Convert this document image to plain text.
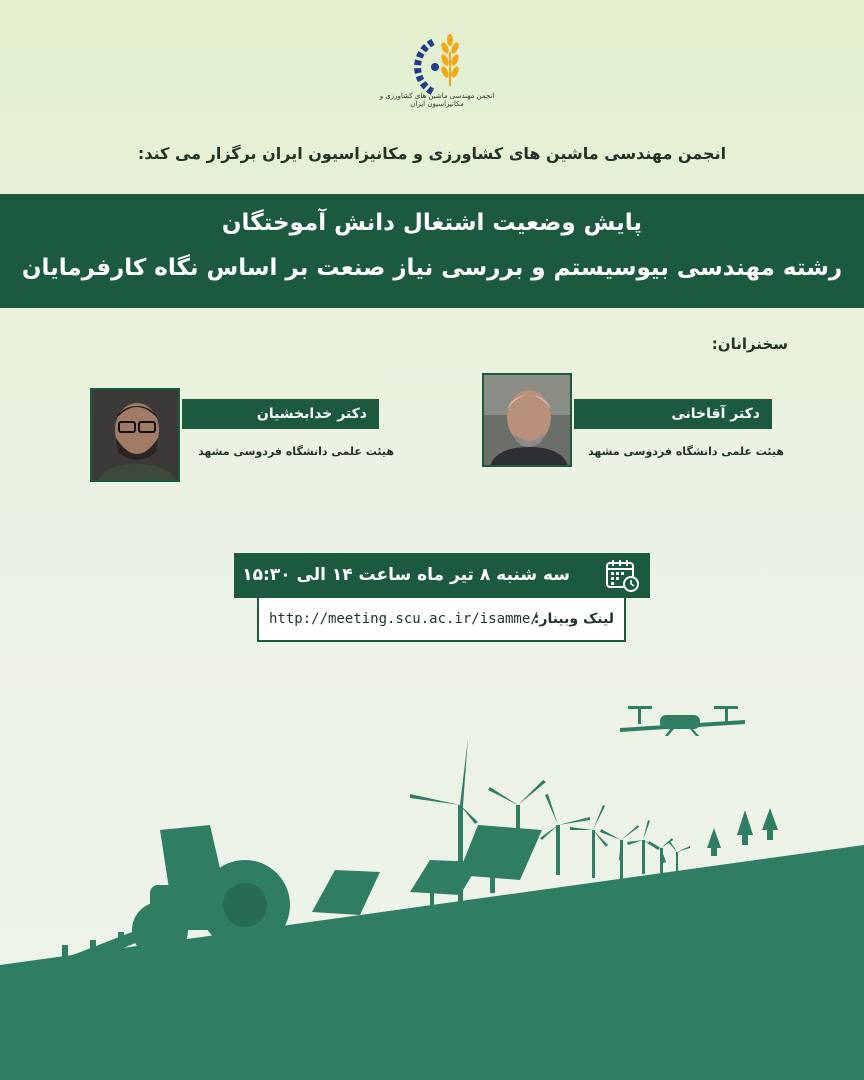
انجمن مهندسی ماشین های کشاورزی و مکانیزاسیون ایران
انجمن مهندسی ماشین های کشاورزی و مکانیزاسیون ایران برگزار می کند:
پایش وضعیت اشتغال دانش آموختگان
رشته مهندسی بیوسیستم و بررسی نیاز صنعت بر اساس نگاه کارفرمایان
سخنرانان:
دکتر آقاخانی
هیئت علمی دانشگاه فردوسی مشهد
دکتر خدابخشیان
هیئت علمی دانشگاه فردوسی مشهد
سه شنبه ۸ تیر ماه ساعت ۱۴ الی ۱۵:۳۰
لینک وبینار:
http://meeting.scu.ac.ir/isamme/
